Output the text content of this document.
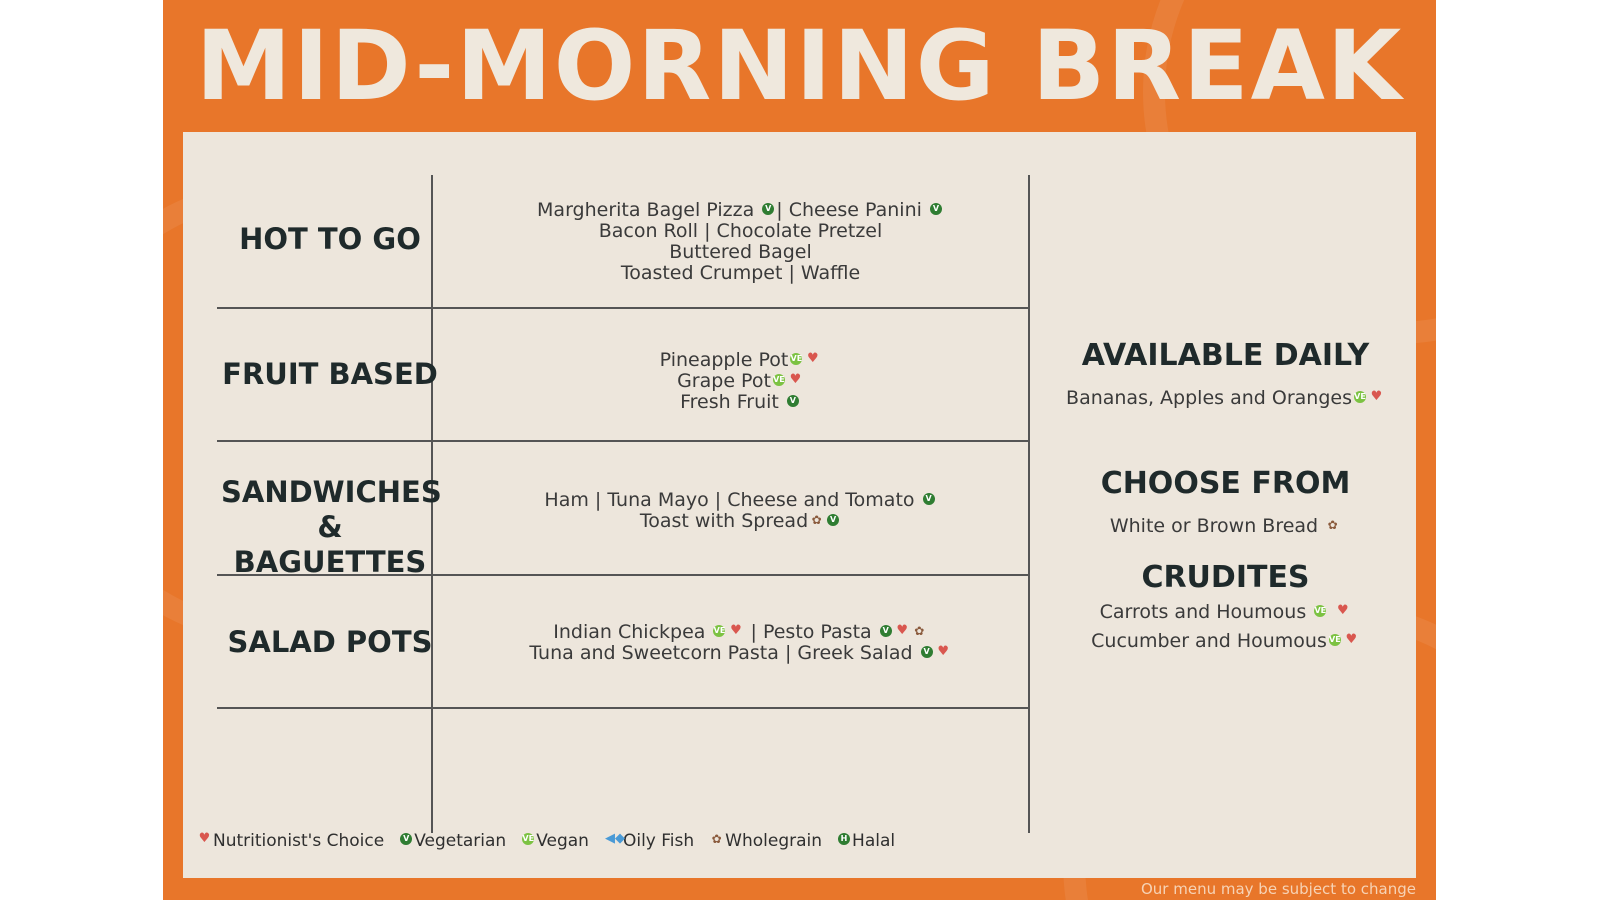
MID-MORNING BREAK
HOT TO GO
FRUIT BASED
SANDWICHES
& BAGUETTES
SALAD POTS
Margherita Bagel Pizza V | Cheese Panini V
Bacon Roll | Chocolate Pretzel
Buttered Bagel
Toasted Crumpet | Waffle
Pineapple Pot VE ♥
Grape Pot VE ♥
Fresh Fruit V
Ham | Tuna Mayo | Cheese and Tomato V
Toast with Spread ✿ V
Indian Chickpea VE ♥ | Pesto Pasta V ♥ ✿
Tuna and Sweetcorn Pasta | Greek Salad V ♥
AVAILABLE DAILY
Bananas, Apples and Oranges VE ♥
CHOOSE FROM
White or Brown Bread ✿
CRUDITES
Carrots and Houmous VE ♥
Cucumber and Houmous VE ♥
♥ Nutritionist's Choice V Vegetarian VE Vegan ◀◆Oily Fish ✿ Wholegrain H Halal
Our menu may be subject to change
